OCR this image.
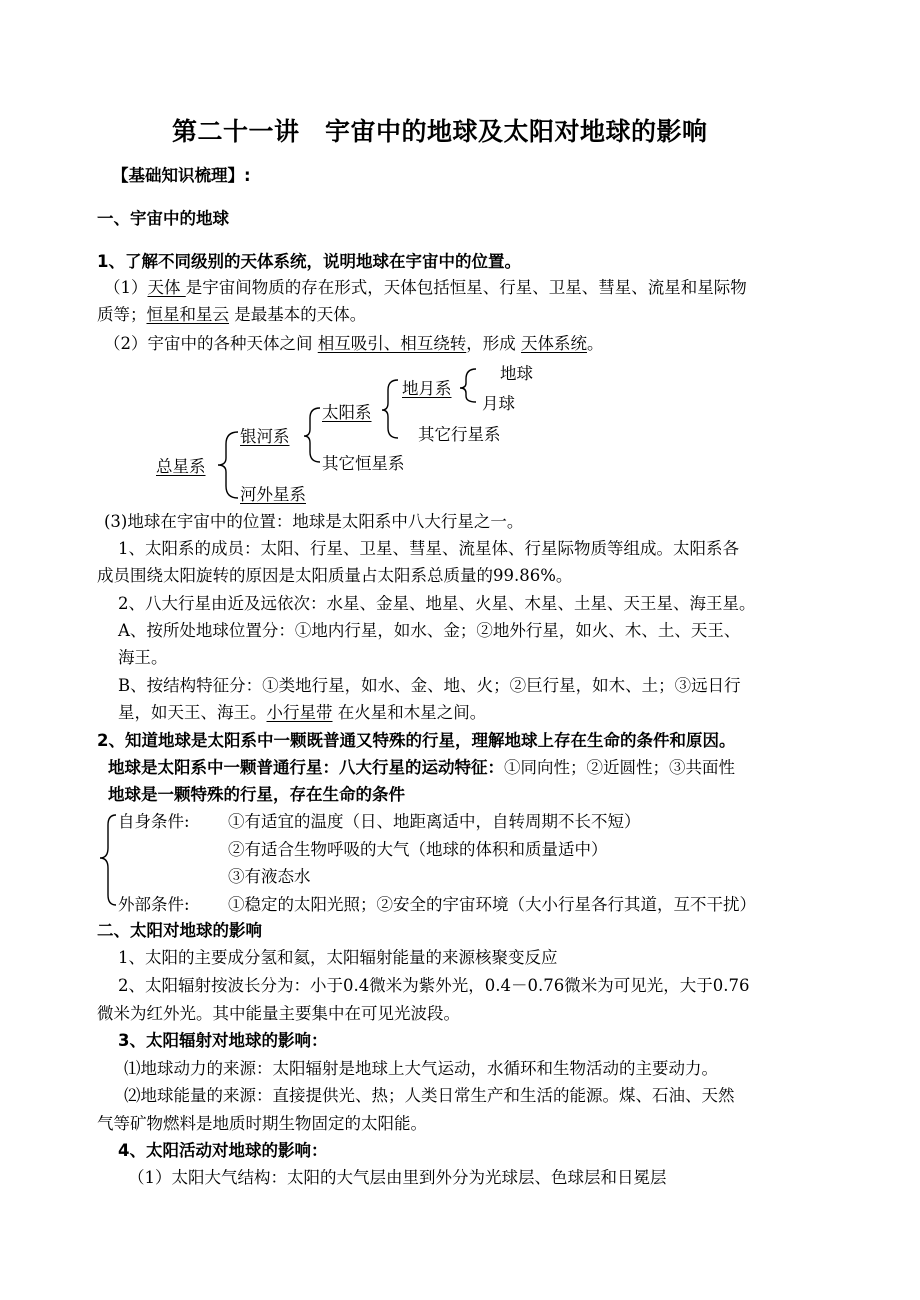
第二十一讲　宇宙中的地球及太阳对地球的影响
【基础知识梳理】:
一、宇宙中的地球
1、了解不同级别的天体系统，说明地球在宇宙中的位置。
（1）天体 是宇宙间物质的存在形式，天体包括恒星、行星、卫星、彗星、流星和星际物
质等；恒星和星云 是最基本的天体。
（2）宇宙中的各种天体之间 相互吸引、相互绕转，形成 天体系统。
地球
月球
地月系
太阳系
其它行星系
银河系
其它恒星系
总星系
河外星系
(3)地球在宇宙中的位置：地球是太阳系中八大行星之一。
1、太阳系的成员：太阳、行星、卫星、彗星、流星体、行星际物质等组成。太阳系各
成员围绕太阳旋转的原因是太阳质量占太阳系总质量的99.86%。
2、八大行星由近及远依次：水星、金星、地星、火星、木星、土星、天王星、海王星。
A、按所处地球位置分：①地内行星，如水、金；②地外行星，如火、木、土、天王、
海王。
B、按结构特征分：①类地行星，如水、金、地、火；②巨行星，如木、土；③远日行
星，如天王、海王。小行星带 在火星和木星之间。
2、知道地球是太阳系中一颗既普通又特殊的行星，理解地球上存在生命的条件和原因。
地球是太阳系中一颗普通行星：八大行星的运动特征：①同向性；②近圆性；③共面性
地球是一颗特殊的行星，存在生命的条件
自身条件: ①有适宜的温度（日、地距离适中，自转周期不长不短）
②有适合生物呼吸的大气（地球的体积和质量适中）
③有液态水
外部条件: ①稳定的太阳光照；②安全的宇宙环境（大小行星各行其道，互不干扰）
二、太阳对地球的影响
1、太阳的主要成分氢和氦，太阳辐射能量的来源核聚变反应
2、太阳辐射按波长分为：小于0.4微米为紫外光，0.4－0.76微米为可见光，大于0.76
微米为红外光。其中能量主要集中在可见光波段。
3、太阳辐射对地球的影响：
⑴地球动力的来源：太阳辐射是地球上大气运动，水循环和生物活动的主要动力。
⑵地球能量的来源：直接提供光、热；人类日常生产和生活的能源。煤、石油、天然
气等矿物燃料是地质时期生物固定的太阳能。
4、太阳活动对地球的影响：
（1）太阳大气结构：太阳的大气层由里到外分为光球层、色球层和日冕层
